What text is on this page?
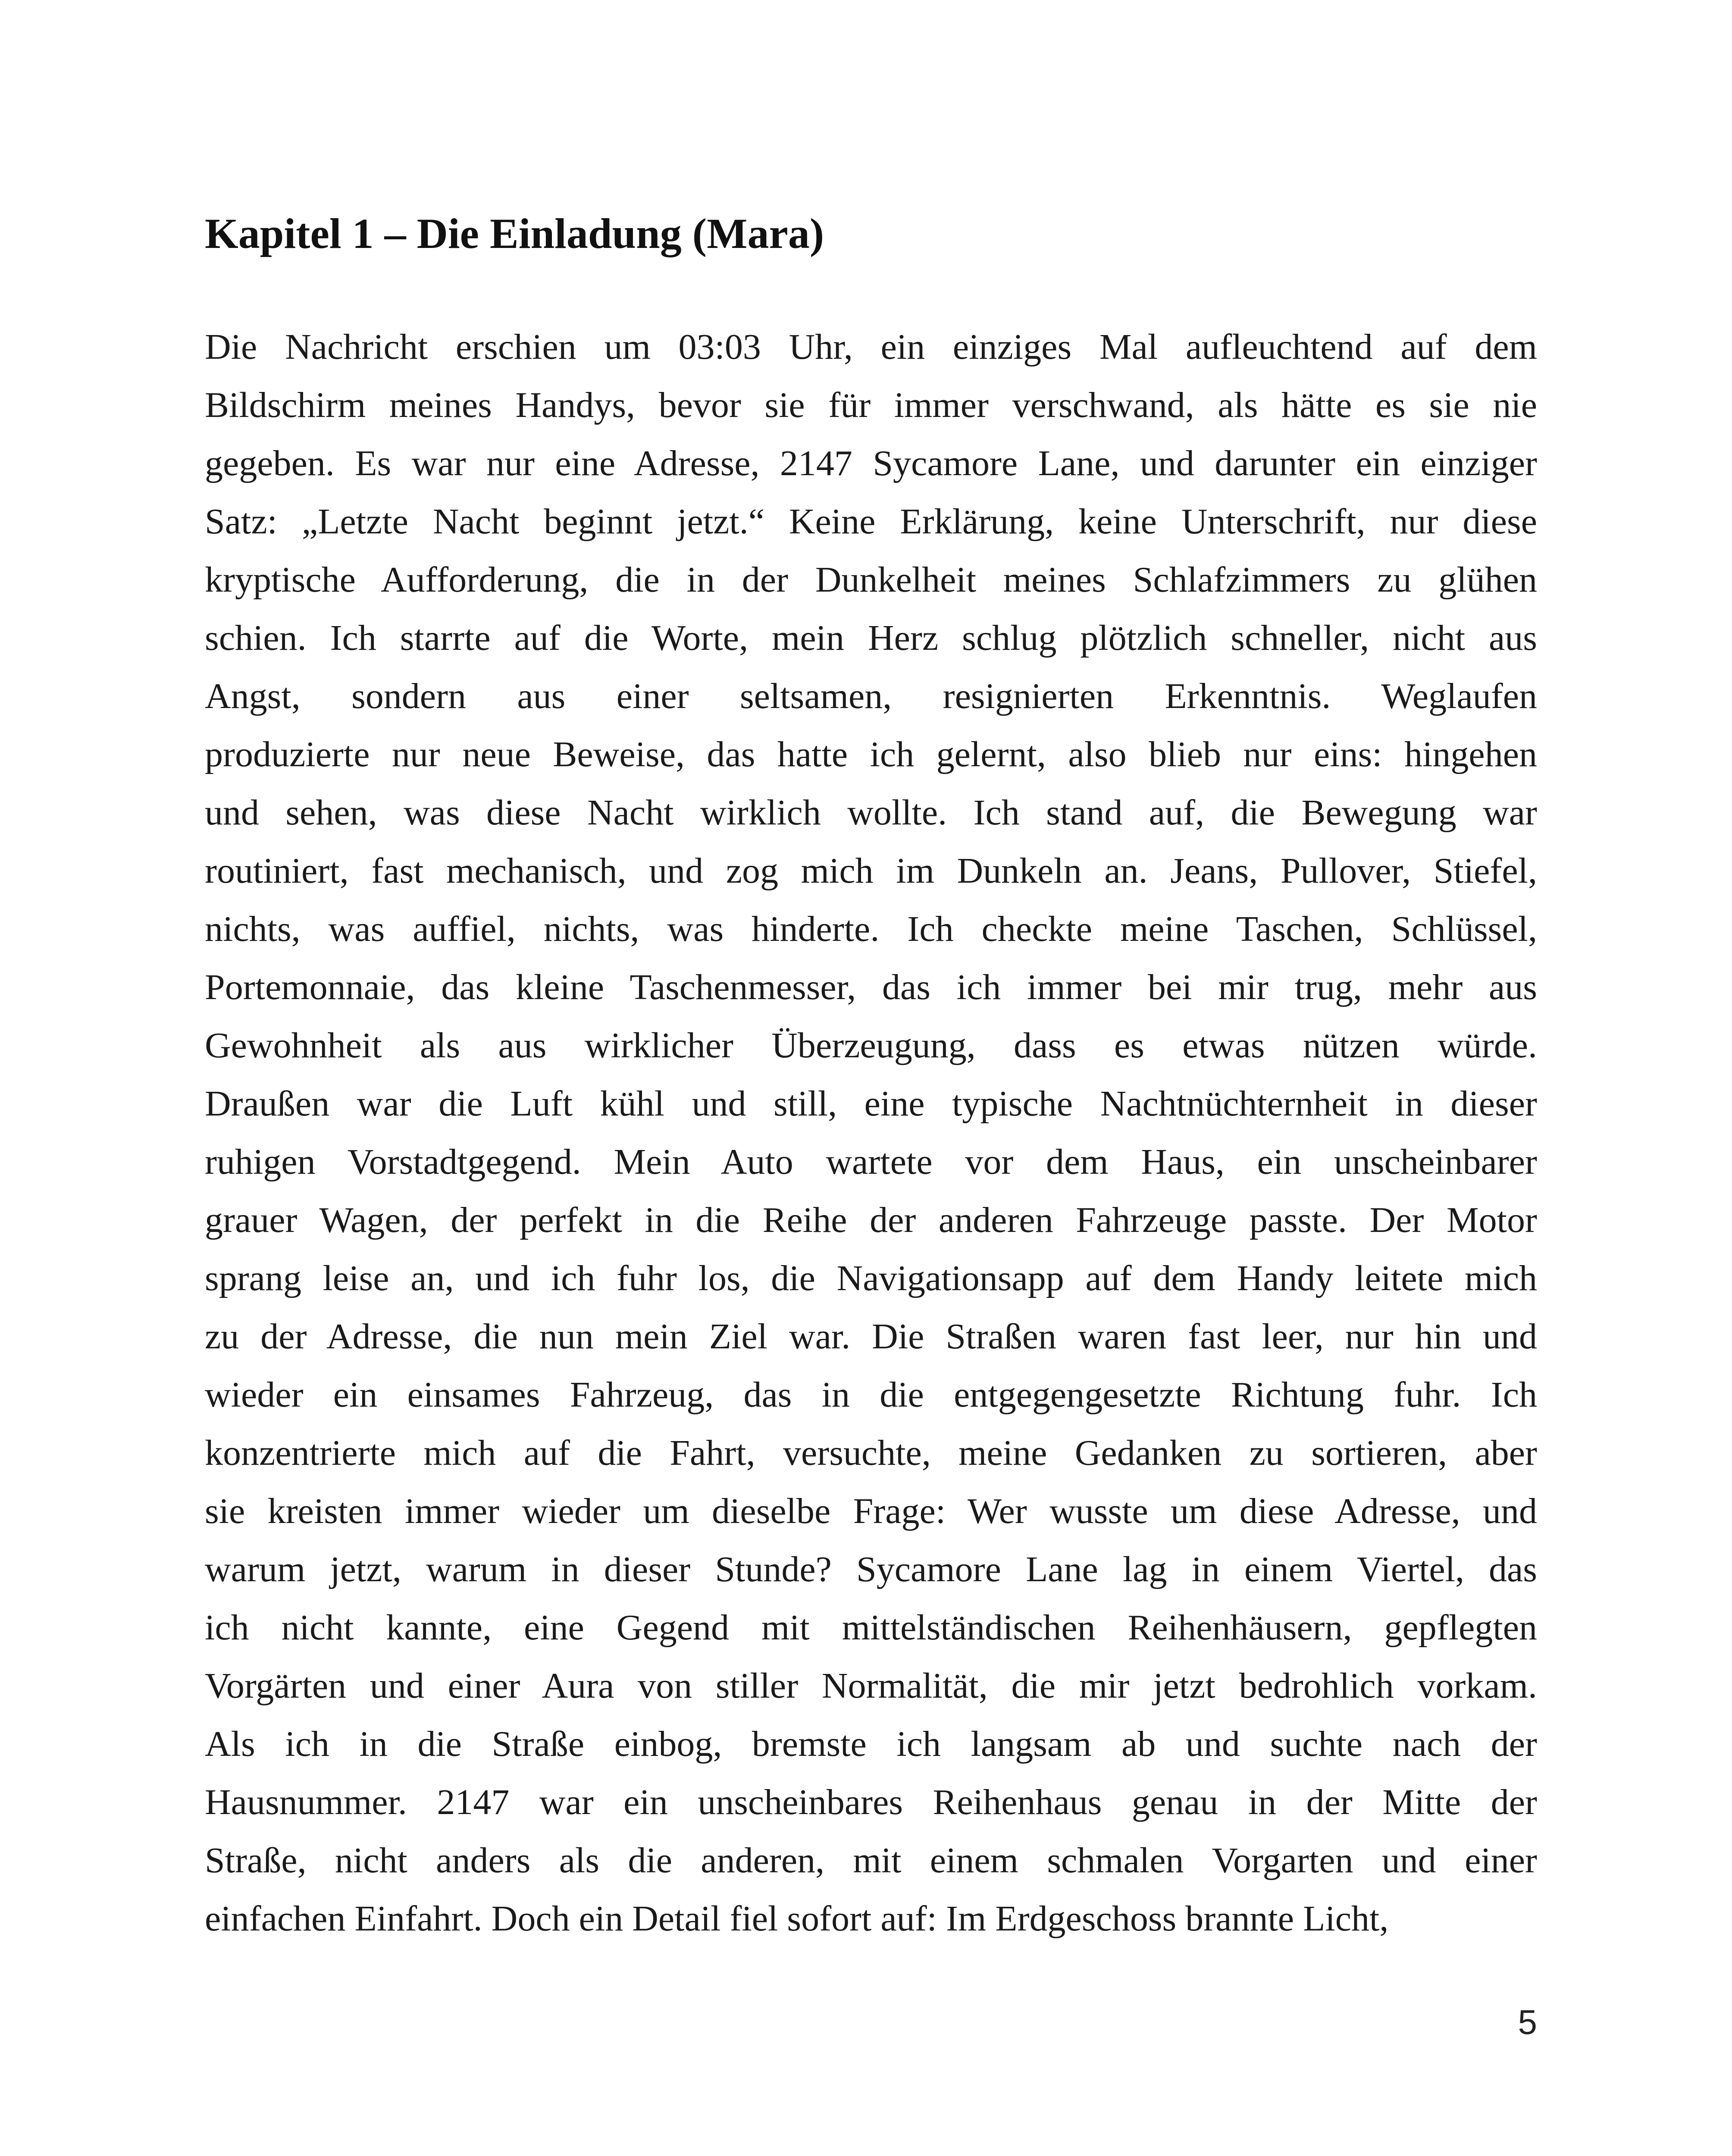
Kapitel 1 – Die Einladung (Mara)
Die Nachricht erschien um 03:03 Uhr, ein einziges Mal aufleuchtend auf dem
Bildschirm meines Handys, bevor sie für immer verschwand, als hätte es sie nie
gegeben. Es war nur eine Adresse, 2147 Sycamore Lane, und darunter ein einziger
Satz: „Letzte Nacht beginnt jetzt.“ Keine Erklärung, keine Unterschrift, nur diese
kryptische Aufforderung, die in der Dunkelheit meines Schlafzimmers zu glühen
schien. Ich starrte auf die Worte, mein Herz schlug plötzlich schneller, nicht aus
Angst, sondern aus einer seltsamen, resignierten Erkenntnis. Weglaufen
produzierte nur neue Beweise, das hatte ich gelernt, also blieb nur eins: hingehen
und sehen, was diese Nacht wirklich wollte. Ich stand auf, die Bewegung war
routiniert, fast mechanisch, und zog mich im Dunkeln an. Jeans, Pullover, Stiefel,
nichts, was auffiel, nichts, was hinderte. Ich checkte meine Taschen, Schlüssel,
Portemonnaie, das kleine Taschenmesser, das ich immer bei mir trug, mehr aus
Gewohnheit als aus wirklicher Überzeugung, dass es etwas nützen würde.
Draußen war die Luft kühl und still, eine typische Nachtnüchternheit in dieser
ruhigen Vorstadtgegend. Mein Auto wartete vor dem Haus, ein unscheinbarer
grauer Wagen, der perfekt in die Reihe der anderen Fahrzeuge passte. Der Motor
sprang leise an, und ich fuhr los, die Navigationsapp auf dem Handy leitete mich
zu der Adresse, die nun mein Ziel war. Die Straßen waren fast leer, nur hin und
wieder ein einsames Fahrzeug, das in die entgegengesetzte Richtung fuhr. Ich
konzentrierte mich auf die Fahrt, versuchte, meine Gedanken zu sortieren, aber
sie kreisten immer wieder um dieselbe Frage: Wer wusste um diese Adresse, und
warum jetzt, warum in dieser Stunde? Sycamore Lane lag in einem Viertel, das
ich nicht kannte, eine Gegend mit mittelständischen Reihenhäusern, gepflegten
Vorgärten und einer Aura von stiller Normalität, die mir jetzt bedrohlich vorkam.
Als ich in die Straße einbog, bremste ich langsam ab und suchte nach der
Hausnummer. 2147 war ein unscheinbares Reihenhaus genau in der Mitte der
Straße, nicht anders als die anderen, mit einem schmalen Vorgarten und einer
einfachen Einfahrt. Doch ein Detail fiel sofort auf: Im Erdgeschoss brannte Licht,
5
